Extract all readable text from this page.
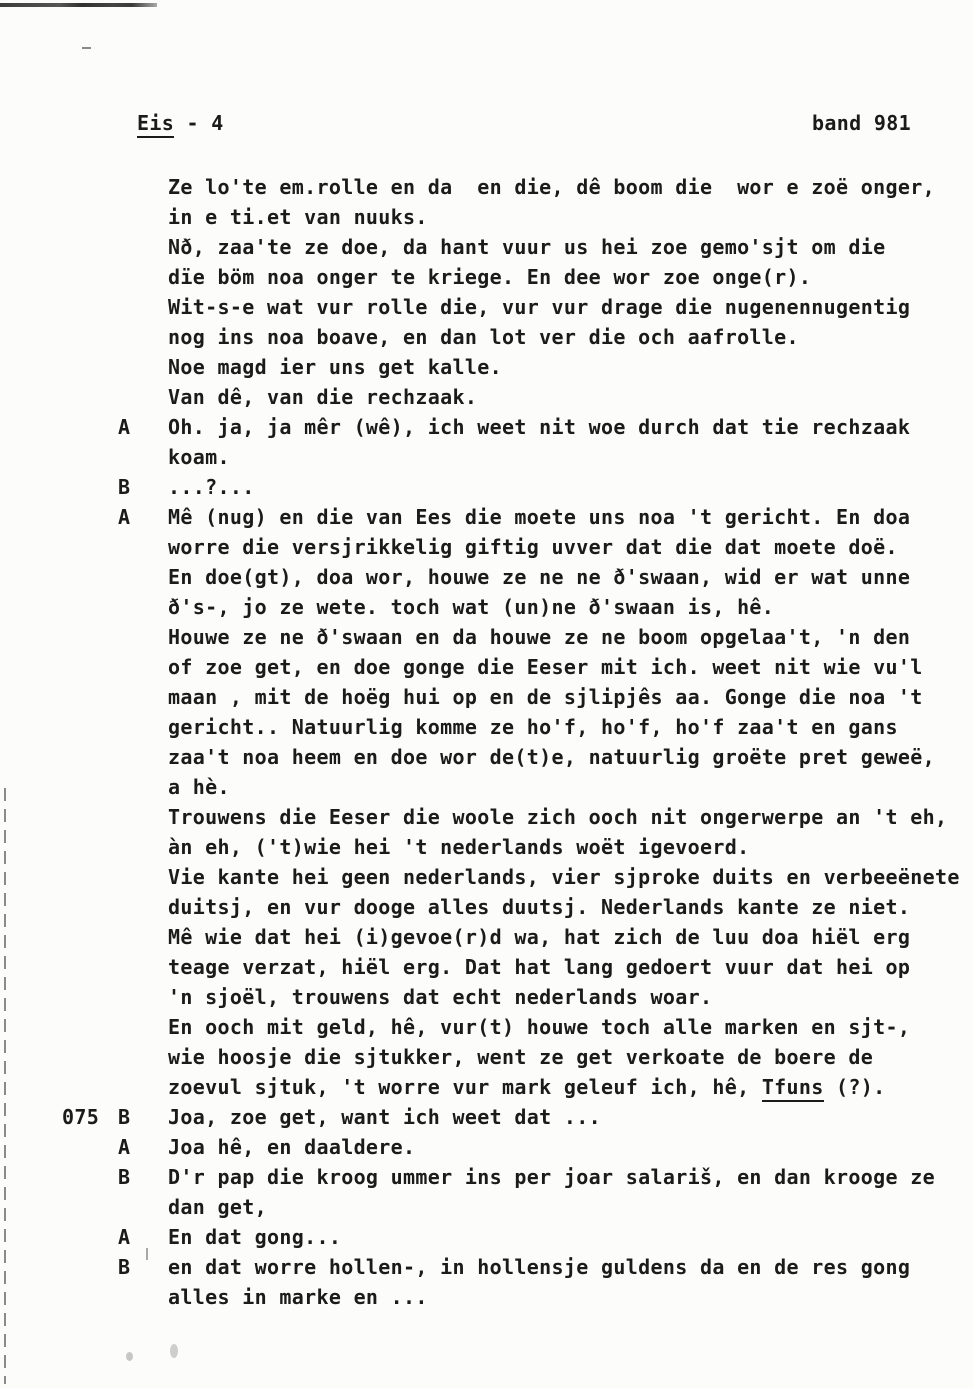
Eis - 4	band 981
Ze lo'te em.rolle en da  en die, dê boom die  wor e zoë onger,
in e ti.et van nuuks.
Nð, zaa'te ze doe, da hant vuur us hei zoe gemo'sjt om die
dïe böm noa onger te kriege. En dee wor zoe onge(r).
Wit-s-e wat vur rolle die, vur vur drage die nugenennugentig
nog ins noa boave, en dan lot ver die och aafrolle.
Noe magd ier uns get kalle.
Van dê, van die rechzaak.
A Oh. ja, ja mêr (wê), ich weet nit woe durch dat tie rechzaak
koam.
B ...?...
A Mê (nug) en die van Ees die moete uns noa 't gericht. En doa
worre die versjrikkelig giftig uvver dat die dat moete doë.
En doe(gt), doa wor, houwe ze ne ne ð'swaan, wid er wat unne
ð's-, jo ze wete. toch wat (un)ne ð'swaan is, hê.
Houwe ze ne ð'swaan en da houwe ze ne boom opgelaa't, 'n den
of zoe get, en doe gonge die Eeser mit ich. weet nit wie vu'l
maan , mit de hoëg hui op en de sjlipjês aa. Gonge die noa 't
gericht.. Natuurlig komme ze ho'f, ho'f, ho'f zaa't en gans
zaa't noa heem en doe wor de(t)e, natuurlig groëte pret geweë,
a hè.
Trouwens die Eeser die woole zich ooch nit ongerwerpe an 't eh,
àn eh, ('t)wie hei 't nederlands woët igevoerd.
Vie kante hei geen nederlands, vier sjproke duits en verbeeënete
duitsj, en vur dooge alles duutsj. Nederlands kante ze niet.
Mê wie dat hei (i)gevoe(r)d wa, hat zich de luu doa hiël erg
teage verzat, hiël erg. Dat hat lang gedoert vuur dat hei op
'n sjoël, trouwens dat echt nederlands woar.
En ooch mit geld, hê, vur(t) houwe toch alle marken en sjt-,
wie hoosje die sjtukker, went ze get verkoate de boere de
zoevul sjtuk, 't worre vur mark geleuf ich, hê, Tfuns (?).
075 B Joa, zoe get, want ich weet dat ...
A Joa hê, en daaldere.
B D'r pap die kroog ummer ins per joar salariš, en dan krooge ze
dan get,
A En dat gong...
B en dat worre hollen-, in hollensje guldens da en de res gong
alles in marke en ...
